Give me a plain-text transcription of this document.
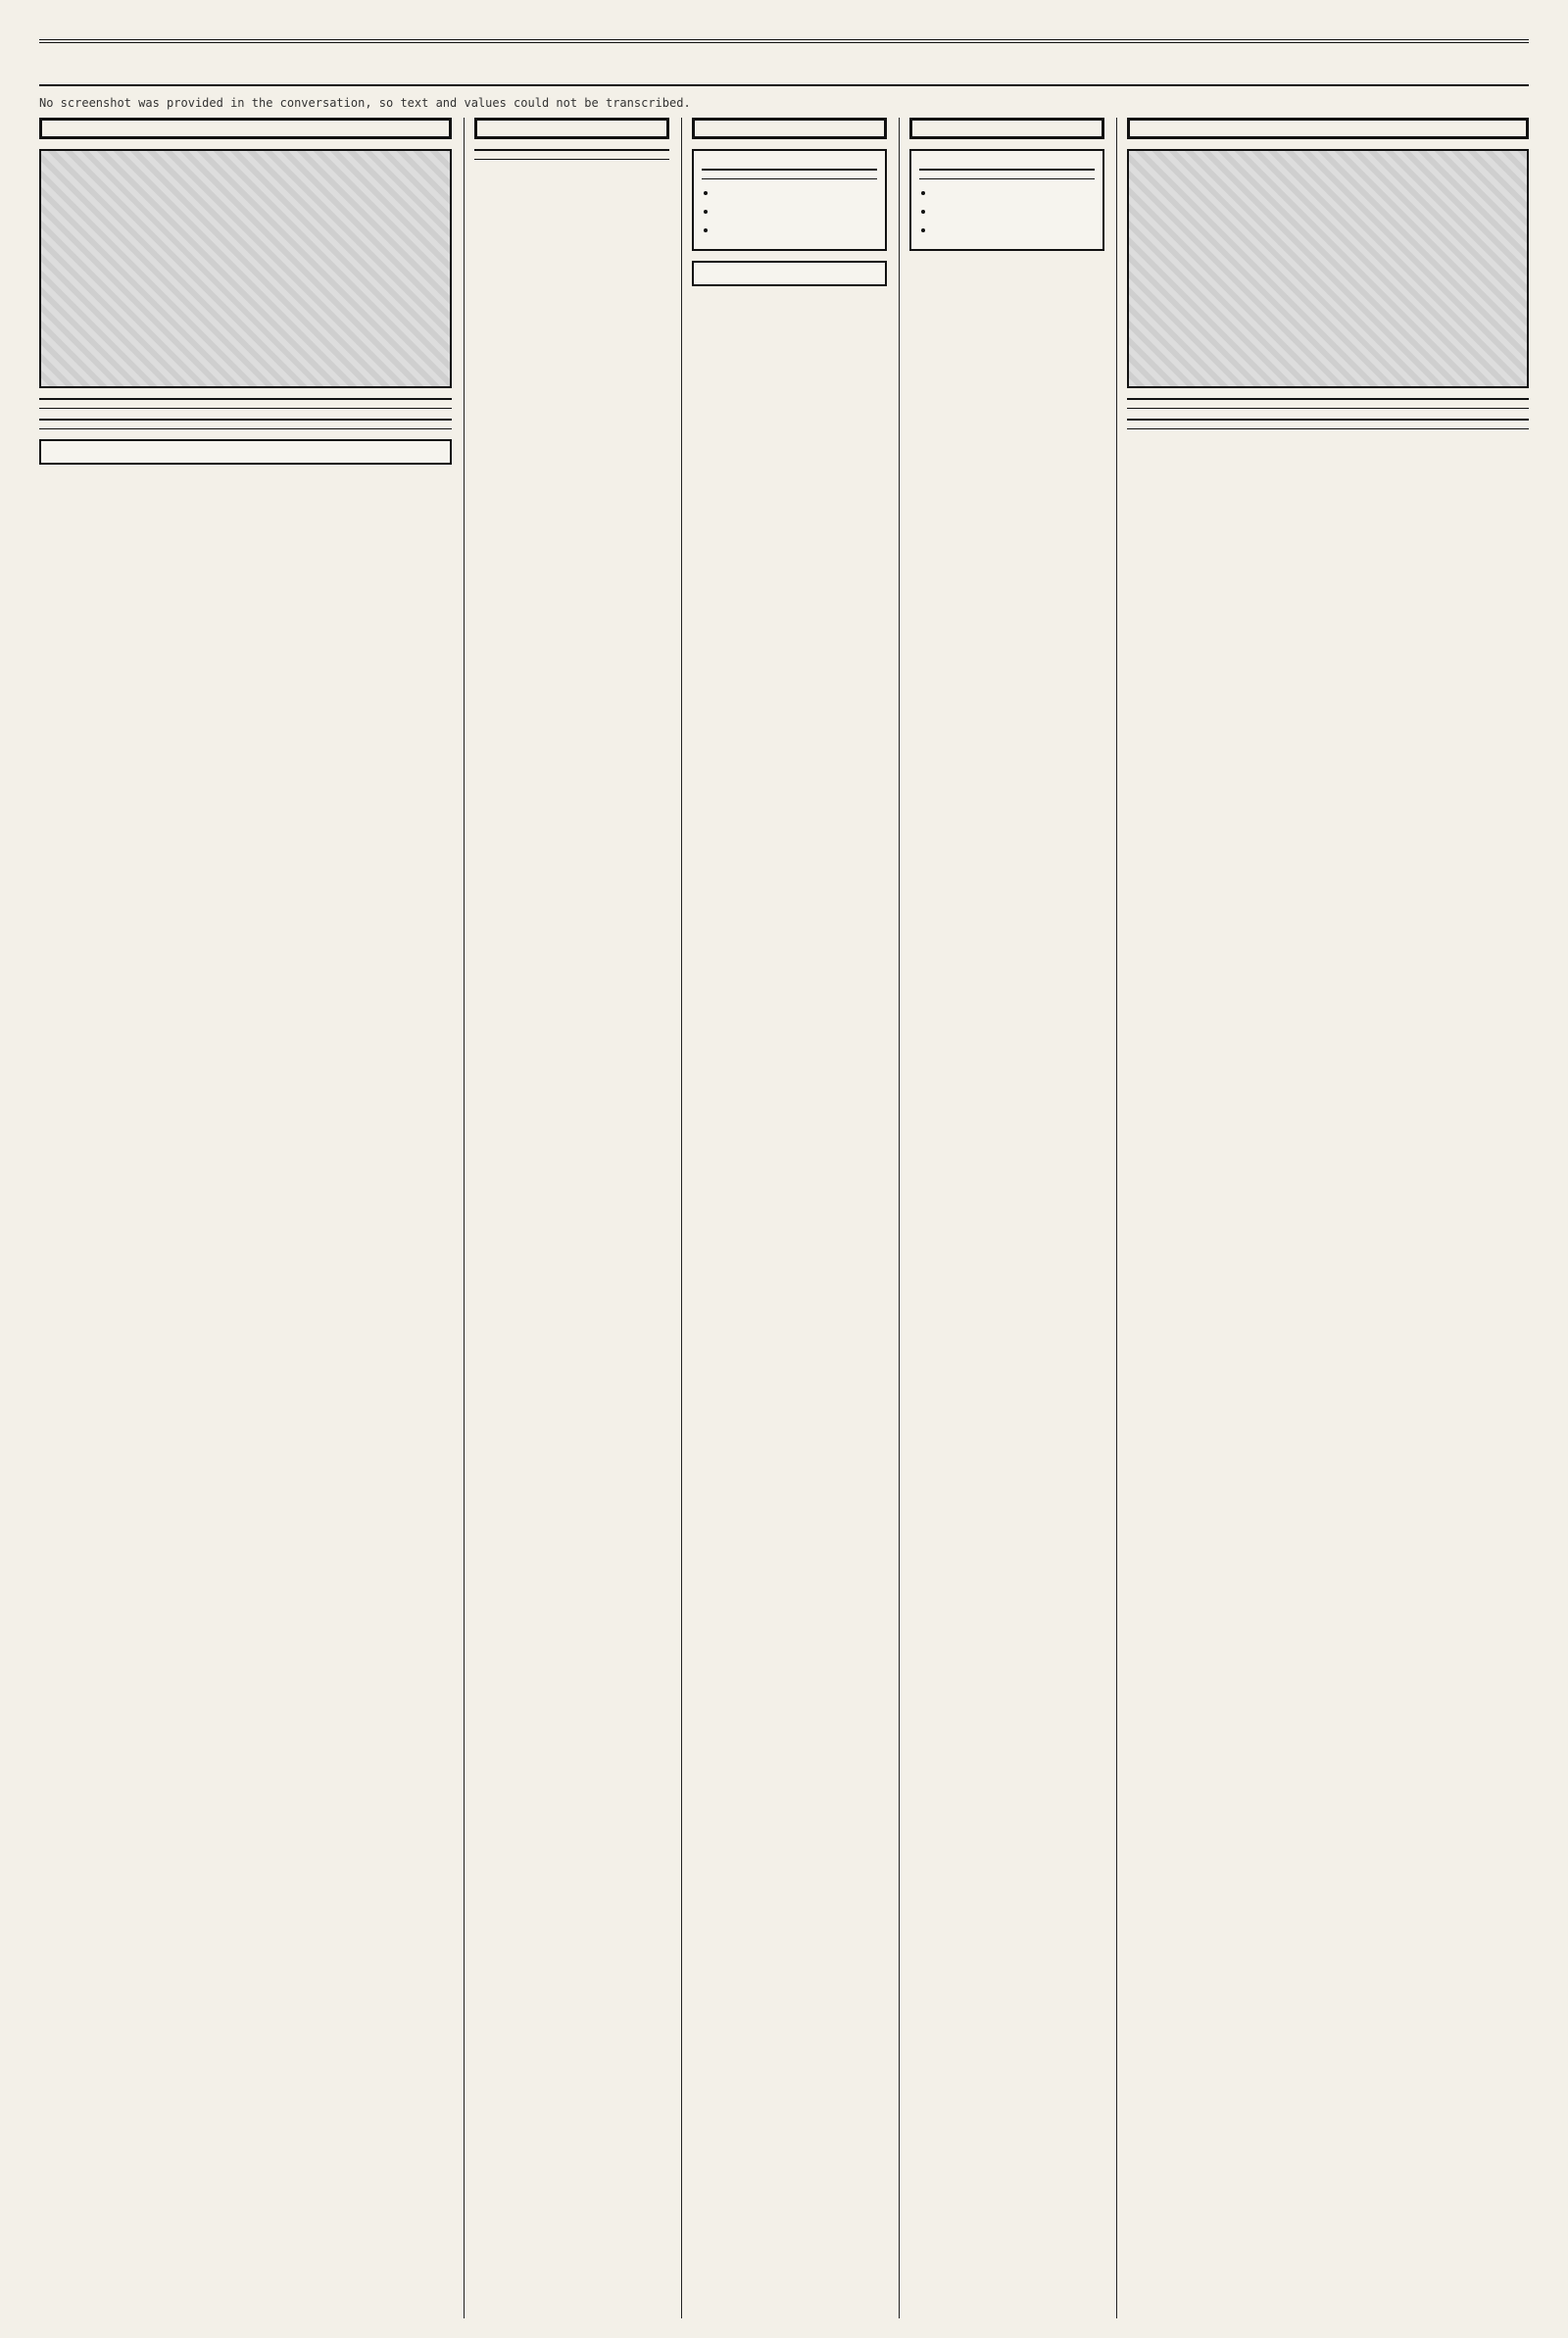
No screenshot was provided in the conversation, so text and values could not be transcribed.
•
•
•
•
•
•
